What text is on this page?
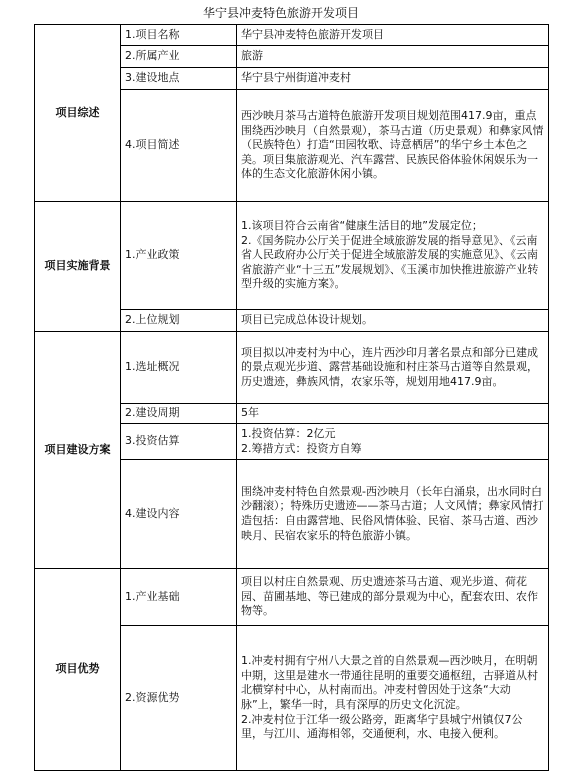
华宁县冲麦特色旅游开发项目
项目综述	1.项目名称	华宁县冲麦特色旅游开发项目
	2.所属产业	旅游
	3.建设地点	华宁县宁州街道冲麦村
	4.项目简述	西沙映月茶马古道特色旅游开发项目规划范围417.9亩，重点围绕西沙映月（自然景观），茶马古道（历史景观）和彝家风情（民族特色）打造“田园牧歌、诗意栖居”的华宁乡土本色之美。项目集旅游观光、汽车露营、民族民俗体验休闲娱乐为一体的生态文化旅游休闲小镇。
项目实施背景	1.产业政策	1.该项目符合云南省“健康生活目的地”发展定位；
2.《国务院办公厅关于促进全域旅游发展的指导意见》、《云南省人民政府办公厅关于促进全域旅游发展的实施意见》、《云南省旅游产业“十三五”发展规划》、《玉溪市加快推进旅游产业转型升级的实施方案》。

	2.上位规划	项目已完成总体设计规划。
项目建设方案	1.选址概况	项目拟以冲麦村为中心，连片西沙印月著名景点和部分已建成的景点观光步道、露营基础设施和村庄茶马古道等自然景观，历史遗迹，彝族风情，农家乐等，规划用地417.9亩。
	2.建设周期	5年
	3.投资估算	1.投资估算：2亿元
2.筹措方式：投资方自筹

	4.建设内容	围绕冲麦村特色自然景观-西沙映月（长年白涌泉，出水同时白沙翻滚）；特殊历史遗迹——茶马古道；人文风情；彝家风情打造包括：自由露营地、民俗风情体验、民宿、茶马古道、西沙映月、民宿农家乐的特色旅游小镇。
项目优势	1.产业基础	项目以村庄自然景观、历史遗迹茶马古道、观光步道、荷花园、苗圃基地、等已建成的部分景观为中心，配套农田、农作物等。
	2.资源优势	1.冲麦村拥有宁州八大景之首的自然景观—西沙映月，在明朝中期，这里是建水一带通往昆明的重要交通枢纽，古驿道从村北横穿村中心，从村南而出。冲麦村曾因处于这条“大动脉”上，繁华一时，具有深厚的历史文化沉淀。
2.冲麦村位于江华一级公路旁，距离华宁县城宁州镇仅7公里，与江川、通海相邻，交通便利，水、电接入便利。
